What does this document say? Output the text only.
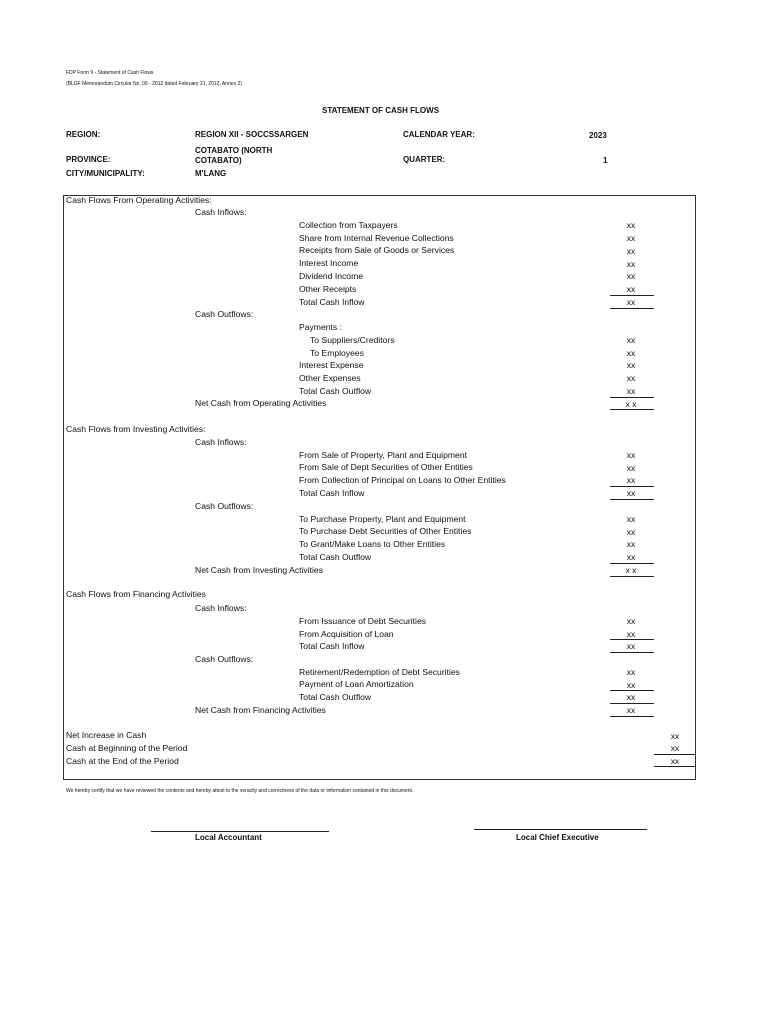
FDP Form 9 - Statement of Cash Flows
(BLGF Memorandum Circular No. 09 - 2012 dated February 21, 2012, Annex 2)
STATEMENT OF CASH FLOWS
REGION:	REGION XII - SOCCSSARGEN	CALENDAR YEAR:	2023
COTABATO (NORTH
PROVINCE:	COTABATO)	QUARTER:	1
CITY/MUNICIPALITY:	M'LANG
Cash Flows From Operating Activities:
Cash Inflows:
Collection from Taxpayers	xx
Share from Internal Revenue Collections	xx
Receipts from Sale of Goods or Services	xx
Interest Income	xx
Dividend Income	xx
Other Receipts	xx
Total Cash Inflow	xx
Cash Outflows:
Payments :
To Suppliers/Creditors	xx
To Employees	xx
Interest Expense	xx
Other Expenses	xx
Total Cash Outflow	xx
Net Cash from Operating Activities	x x
Cash Flows from Investing Activities:
Cash Inflows:
From Sale of Property, Plant and Equipment	xx
From Sale of Dept Securities of Other Entities	xx
From Collection of Principal on Loans to Other Entities	xx
Total Cash Inflow	xx
Cash Outflows:
To Purchase Property, Plant and Equipment	xx
To Purchase Debt Securities of Other Entities	xx
To Grant/Make Loans to Other Entities	xx
Total Cash Outflow	xx
Net Cash from Investing Activities	x x
Cash Flows from Financing Activities
Cash Inflows:
From Issuance of Debt Securities	xx
From Acquisition of Loan	xx
Total Cash Inflow	xx
Cash Outflows:
Retirement/Redemption of Debt Securities	xx
Payment of Loan Amortization	xx
Total Cash Outflow	xx
Net Cash from Financing Activities	xx
Net Increase in Cash	xx
Cash at Beginning of the Period	xx
Cash at the End of the Period	xx
We hereby certify that we have reviewed the contents and hereby attest to the veracity and correctness of the data or information contained in this document.
Local Accountant	Local Chief Executive
